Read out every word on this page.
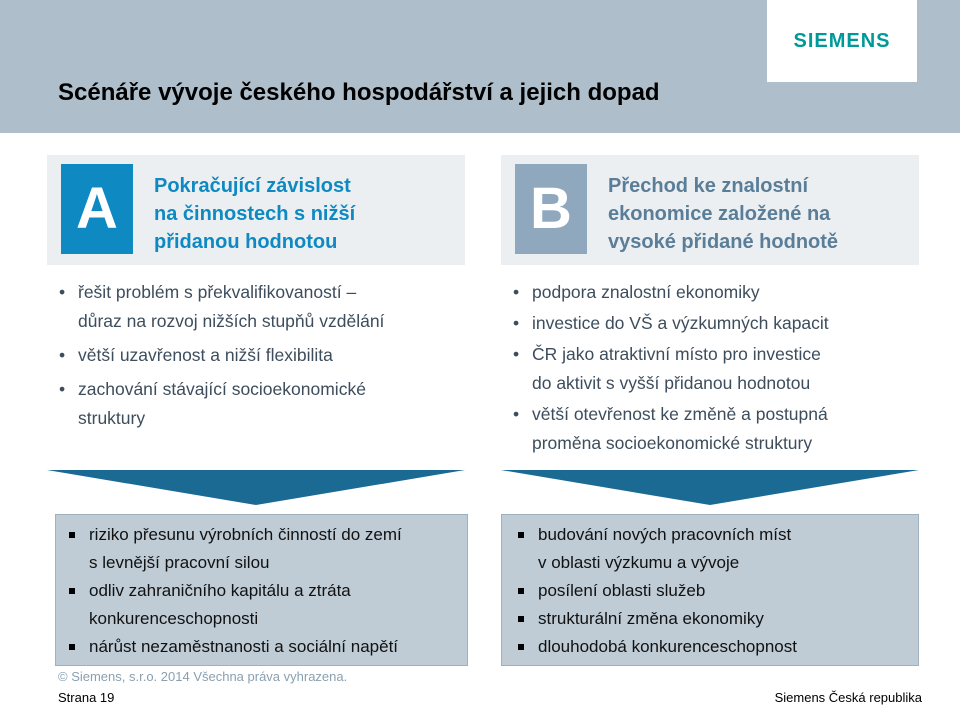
SIEMENS
Scénáře vývoje českého hospodářství a jejich dopad
A	Pokračující závislost
na činnostech s nižší
přidanou hodnotou
B	Přechod ke znalostní
ekonomice založené na
vysoké přidané hodnotě
• řešit problém s překvalifikovaností –
důraz na rozvoj nižších stupňů vzdělání
• větší uzavřenost a nižší flexibilita
• zachování stávající socioekonomické
struktury
• podpora znalostní ekonomiky
• investice do VŠ a výzkumných kapacit
• ČR jako atraktivní místo pro investice
do aktivit s vyšší přidanou hodnotou
• větší otevřenost ke změně a postupná
proměna socioekonomické struktury
riziko přesunu výrobních činností do zemí
s levnější pracovní silou
odliv zahraničního kapitálu a ztráta
konkurenceschopnosti
nárůst nezaměstnanosti a sociální napětí
budování nových pracovních míst
v oblasti výzkumu a vývoje
posílení oblasti služeb
strukturální změna ekonomiky
dlouhodobá konkurenceschopnost
© Siemens, s.r.o. 2014 Všechna práva vyhrazena.
Strana 19	Siemens Česká republika
